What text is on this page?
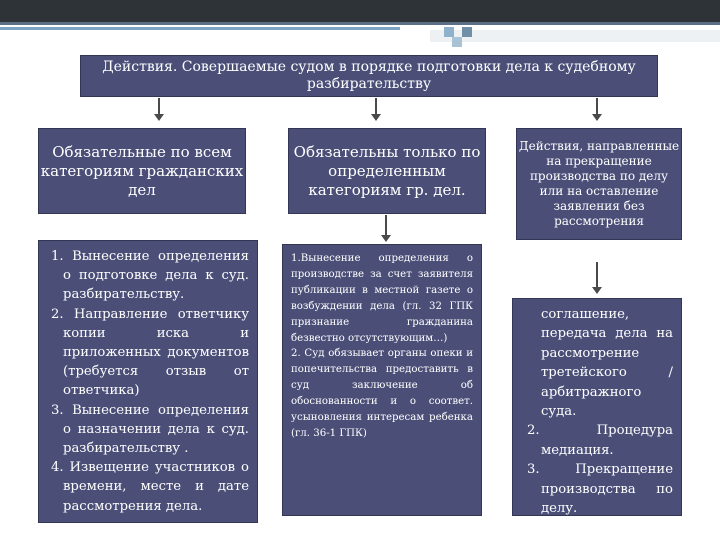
Действия. Совершаемые судом в порядке подготовки дела к судебному разбирательству
Обязательные по всем категориям гражданских дел
Обязательны только по определенным категориям гр. дел.
Действия, направленные на прекращение производства по делу или на оставление заявления без рассмотрения

1. Вынесение определения о подготовке дела к суд. разбирательству.

2. Направление ответчику копии иска и приложенных документов (требуется отзыв от ответчика)

3. Вынесение определения о назначении дела к суд. разбирательству .

4. Извещение участников о времени, месте и дате рассмотрения дела.

1.Вынесение определения о производстве за счет заявителя публикации в местной газете о возбуждении дела (гл. 32 ГПК признание гражданина безвестно отсутствующим…)

2. Суд обязывает органы опеки и попечительства предоставить в суд заключение об обоснованности и о соответ. усыновления интересам ребенка (гл. 36-1 ГПК)

соглашение, передача дела на рассмотрение третейского / арбитражного суда.

2. Процедура медиация.

3. Прекращение производства по делу.
